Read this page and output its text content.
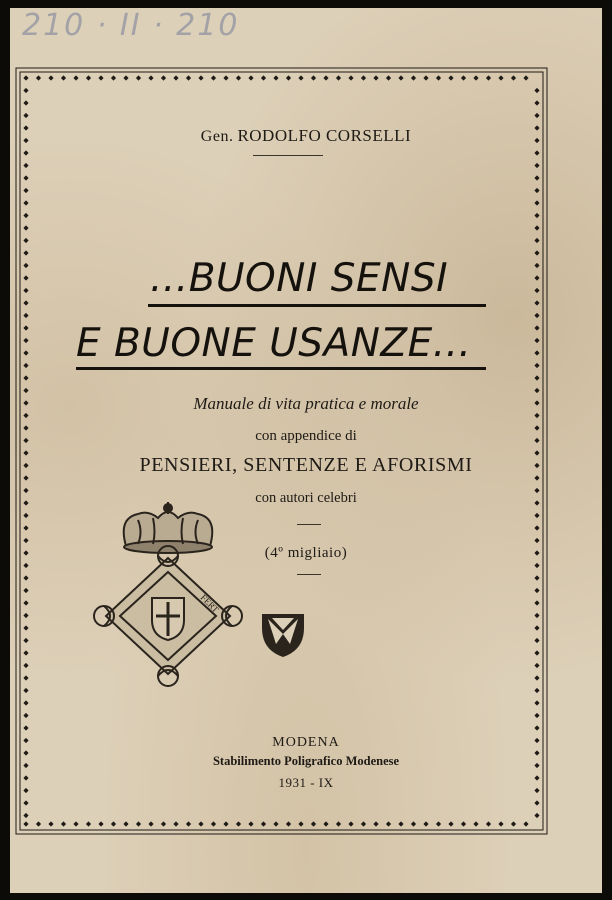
210 · II · 210
Gen. RODOLFO CORSELLI
...BUONI SENSI
E BUONE USANZE...
Manuale di vita pratica e morale
con appendice di
PENSIERI, SENTENZE E AFORISMI
con autori celebri
(4º migliaio)
FERT
MODENA
Stabilimento Poligrafico Modenese
1931 - IX
